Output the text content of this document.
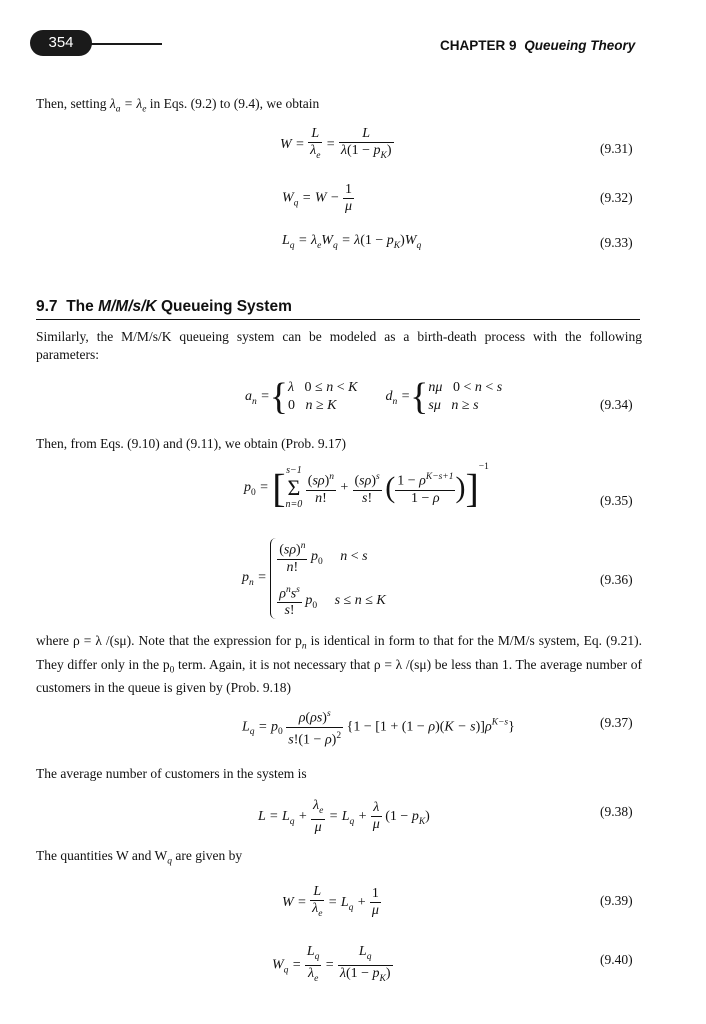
354	CHAPTER 9 Queueing Theory
Then, setting $\lambda_a = \lambda_e$ in Eqs. (9.2) to (9.4), we obtain
$W = \frac{L}{\lambda_e} = \frac{L}{\lambda(1 - p_K)}$	(9.31)
$W_q = W - \frac{1}{\mu}$	(9.32)
$L_q = \lambda_eW_q = \lambda(1 - p_K)W_q$	(9.33)
9.7 The M/M/s/K Queueing System
Similarly, the M/M/s/K queueing system can be modeled as a birth-death process with the following parameters:
$a_n =\{\lambda$   0 ≤ n < K
0   n ≥ K        $d_n =\{n\mu$   0 < n < s
sμ   n ≥ s	(9.34)
Then, from Eqs. (9.10) and (9.11), we obtain (Prob. 9.17)
$p_0 = [s-1$
Σ
$n=0 \frac{(s\rho)^n}{n!} + \frac{(s\rho)^s}{s!}$ ( $\frac{1 - \rho^{K-s+1}}{1 - \rho} )]^{-1}$
(9.35)
$p_n$ =
$\frac{(s\rho)^n}{n!} p_0$     n < s

$\frac{\rho^ns^s}{s!} p_0$     s ≤ n ≤ K
(9.36)
where ρ = λ /(sμ). Note that the expression for $p_n$ is identical in form to that for the M/M/s system, Eq. (9.21). They differ only in the $p_0$ term. Again, it is not necessary that ρ = λ /(sμ) be less than 1. The average number of customers in the queue is given by (Prob. 9.18)
$L_q = p_0 \frac{\rho(\rho s)^s}{s!(1 - \rho)^2} \{1 - [1 + (1 - \rho)(K - s)]\rho^{K-s}\}$	(9.37)
The average number of customers in the system is
$L = L_q + \frac{\lambda_e}{\mu} = L_q + \frac{\lambda}{\mu} (1 - p_K)$	(9.38)
The quantities W and $W_q$ are given by
$W = \frac{L}{\lambda_e} = L_q + \frac{1}{\mu}$	(9.39)
$W_q = \frac{L_q}{\lambda_e} = \frac{L_q}{\lambda(1 - p_K)}$	(9.40)
